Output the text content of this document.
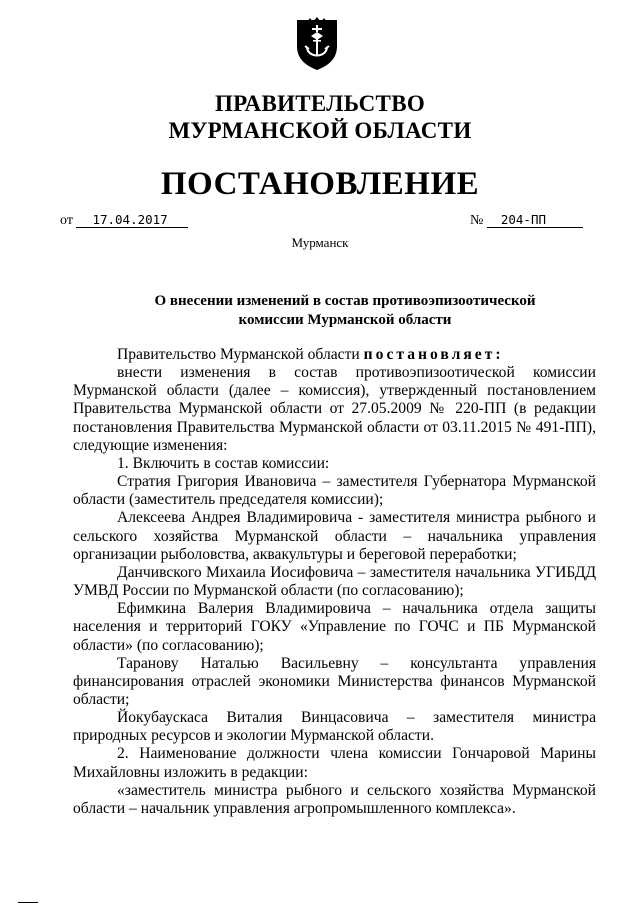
ПРАВИТЕЛЬСТВО
МУРМАНСКОЙ ОБЛАСТИ
ПОСТАНОВЛЕНИЕ
от 17.04.2017	№ 204-ПП
Мурманск
О внесении изменений в состав противоэпизоотической
комиссии Мурманской области

Правительство Мурманской области постановляет:

внести изменения в состав противоэпизоотической комиссии Мурманской области (далее – комиссия), утвержденный постановлением Правительства Мурманской области от 27.05.2009 № 220-ПП (в редакции постановления Правительства Мурманской области от 03.11.2015 № 491-ПП), следующие изменения:

1. Включить в состав комиссии:

Стратия Григория Ивановича – заместителя Губернатора Мурманской области (заместитель председателя комиссии);

Алексеева Андрея Владимировича - заместителя министра рыбного и сельского хозяйства Мурманской области – начальника управления организации рыболовства, аквакультуры и береговой переработки;

Данчивского Михаила Иосифовича – заместителя начальника УГИБДД УМВД России по Мурманской области (по согласованию);

Ефимкина Валерия Владимировича – начальника отдела защиты населения и территорий ГОКУ «Управление по ГОЧС и ПБ Мурманской области» (по согласованию);

Таранову Наталью Васильевну – консультанта управления финансирования отраслей экономики Министерства финансов Мурманской области;

Йокубаускаса Виталия Винцасовича – заместителя министра природных ресурсов и экологии Мурманской области.

2. Наименование должности члена комиссии Гончаровой Марины Михайловны изложить в редакции:

«заместитель министра рыбного и сельского хозяйства Мурманской области – начальник управления агропромышленного комплекса».
